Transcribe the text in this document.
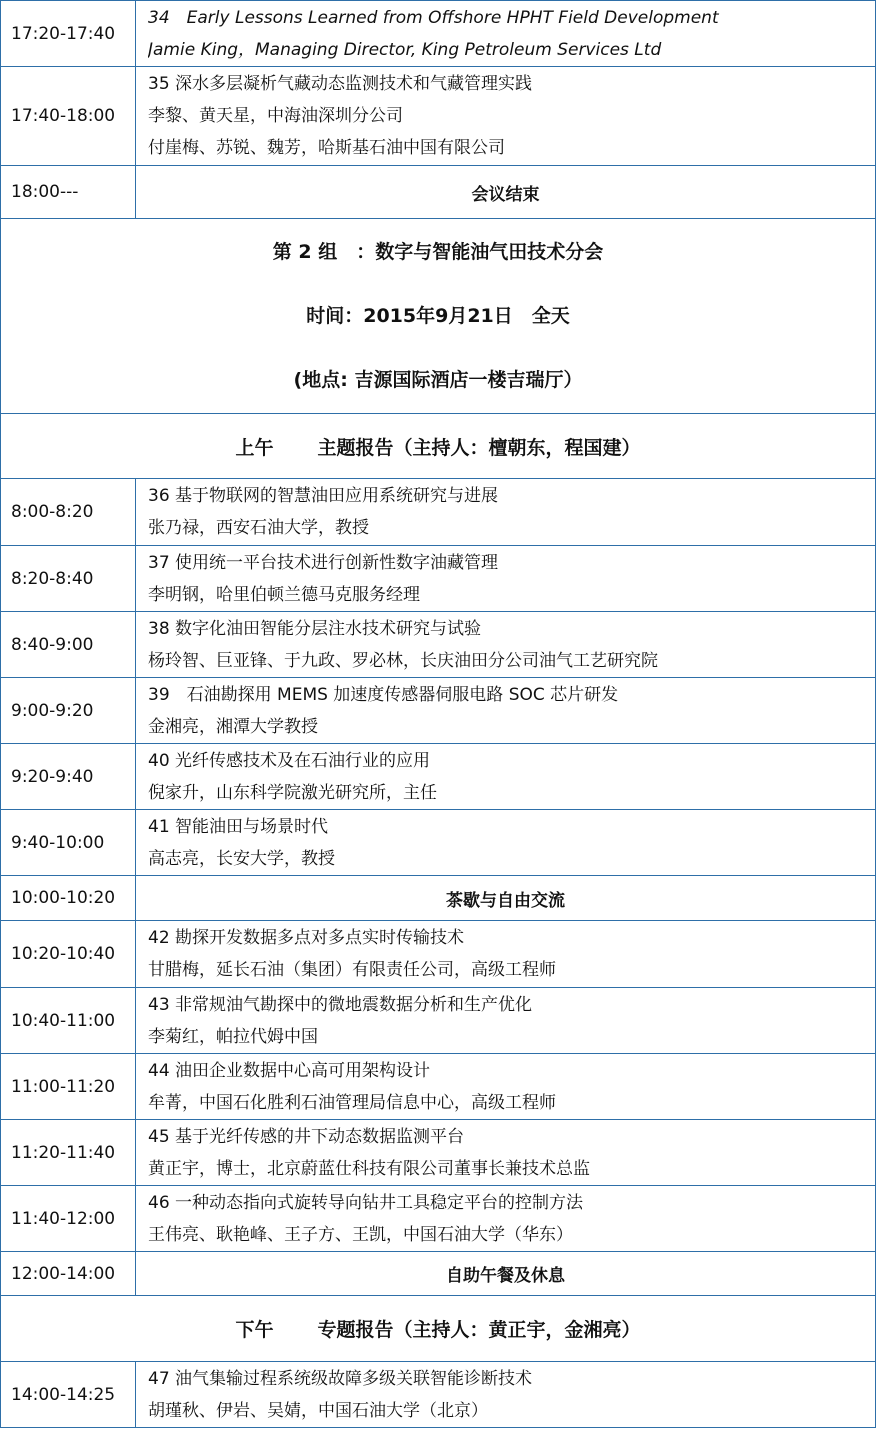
17:20-17:40	34　Early Lessons Learned from Offshore HPHT Field Development
Jamie King，Managing Director, King Petroleum Services Ltd

17:40-18:00	35 深水多层凝析气藏动态监测技术和气藏管理实践
李黎、黄天星，中海油深圳分公司
付崖梅、苏锐、魏芳，哈斯基石油中国有限公司

18:00---	会议结束

第 2 组　：数字与智能油气田技术分会
时间：2015年9月21日　全天
(地点: 吉源国际酒店一楼吉瑞厅）	

上午 主题报告（主持人：檀朝东，程国建）	
8:00-8:20	36 基于物联网的智慧油田应用系统研究与进展
张乃禄，西安石油大学，教授

8:20-8:40	37 使用统一平台技术进行创新性数字油藏管理
李明钢，哈里伯顿兰德马克服务经理

8:40-9:00	38 数字化油田智能分层注水技术研究与试验
杨玲智、巨亚锋、于九政、罗必林，长庆油田分公司油气工艺研究院

9:00-9:20	39　石油勘探用 MEMS 加速度传感器伺服电路 SOC 芯片研发
金湘亮，湘潭大学教授

9:20-9:40	40 光纤传感技术及在石油行业的应用
倪家升，山东科学院激光研究所，主任

9:40-10:00	41 智能油田与场景时代
高志亮，长安大学，教授

10:00-10:20	茶歇与自由交流
10:20-10:40	42 勘探开发数据多点对多点实时传输技术
甘腊梅，延长石油（集团）有限责任公司，高级工程师

10:40-11:00	43 非常规油气勘探中的微地震数据分析和生产优化
李菊红，帕拉代姆中国

11:00-11:20	44 油田企业数据中心高可用架构设计
牟菁，中国石化胜利石油管理局信息中心，高级工程师

11:20-11:40	45 基于光纤传感的井下动态数据监测平台
黄正宇，博士，北京蔚蓝仕科技有限公司董事长兼技术总监

11:40-12:00	46 一种动态指向式旋转导向钻井工具稳定平台的控制方法
王伟亮、耿艳峰、王子方、王凯，中国石油大学（华东）

12:00-14:00	自助午餐及休息
下午 专题报告（主持人：黄正宇，金湘亮）	
14:00-14:25	47 油气集输过程系统级故障多级关联智能诊断技术
胡瑾秋、伊岩、吴婧，中国石油大学（北京）
